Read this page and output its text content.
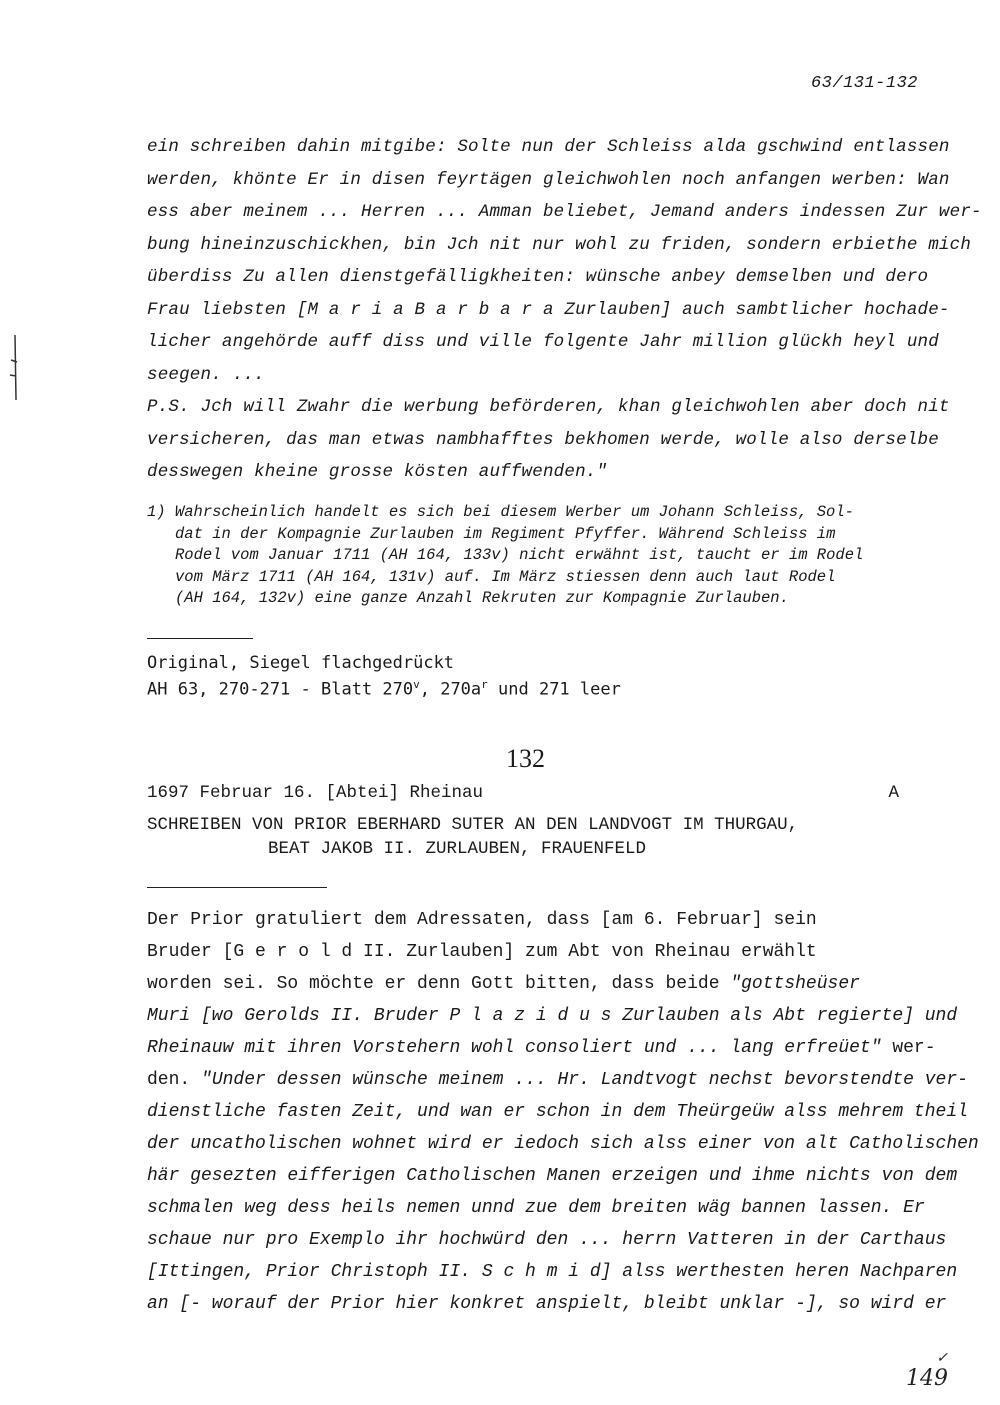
63/131-132
ein schreiben dahin mitgibe: Solte nun der Schleiss alda gschwind entlassen
werden, khönte Er in disen feyrtägen gleichwohlen noch anfangen werben: Wan
ess aber meinem ... Herren ... Amman beliebet, Jemand anders indessen Zur wer-
bung hineinzuschickhen, bin Jch nit nur wohl zu friden, sondern erbiethe mich
überdiss Zu allen dienstgefälligkheiten: wünsche anbey demselben und dero
Frau liebsten [M a r i a B a r b a r a Zurlauben] auch sambtlicher hochade-
licher angehörde auff diss und ville folgente Jahr million glückh heyl und
seegen. ...
P.S. Jch will Zwahr die werbung beförderen, khan gleichwohlen aber doch nit
versicheren, das man etwas nambhafftes bekhomen werde, wolle also derselbe
desswegen kheine grosse kösten auffwenden."
1) Wahrscheinlich handelt es sich bei diesem Werber um Johann Schleiss, Sol-
dat in der Kompagnie Zurlauben im Regiment Pfyffer. Während Schleiss im
Rodel vom Januar 1711 (AH 164, 133v) nicht erwähnt ist, taucht er im Rodel
vom März 1711 (AH 164, 131v) auf. Im März stiessen denn auch laut Rodel
(AH 164, 132v) eine ganze Anzahl Rekruten zur Kompagnie Zurlauben.
Original, Siegel flachgedrückt
AH 63, 270-271 - Blatt 270$^v$, $270a^r$ und 271 leer
132
1697 Februar 16. [Abtei] Rheinau	A
SCHREIBEN VON PRIOR EBERHARD SUTER AN DEN LANDVOGT IM THURGAU,
BEAT JAKOB II. ZURLAUBEN, FRAUENFELD
Der Prior gratuliert dem Adressaten, dass [am 6. Februar] sein
Bruder [G e r o l d II. Zurlauben] zum Abt von Rheinau erwählt
worden sei. So möchte er denn Gott bitten, dass beide "gottsheüser
Muri [wo Gerolds II. Bruder P l a z i d u s Zurlauben als Abt regierte] und
Rheinauw mit ihren Vorstehern wohl consoliert und ... lang erfreüet" wer-
den. "Under dessen wünsche meinem ... Hr. Landtvogt nechst bevorstendte ver-
dienstliche fasten Zeit, und wan er schon in dem Theürgeüw alss mehrem theil
der uncatholischen wohnet wird er iedoch sich alss einer von alt Catholischen
här gesezten eifferigen Catholischen Manen erzeigen und ihme nichts von dem
schmalen weg dess heils nemen unnd zue dem breiten wäg bannen lassen. Er
schaue nur pro Exemplo ihr hochwürd den ... herrn Vatteren in der Carthaus
[Ittingen, Prior Christoph II. S c h m i d] alss werthesten heren Nachparen
an [- worauf der Prior hier konkret anspielt, bleibt unklar -], so wird er
✓
149
